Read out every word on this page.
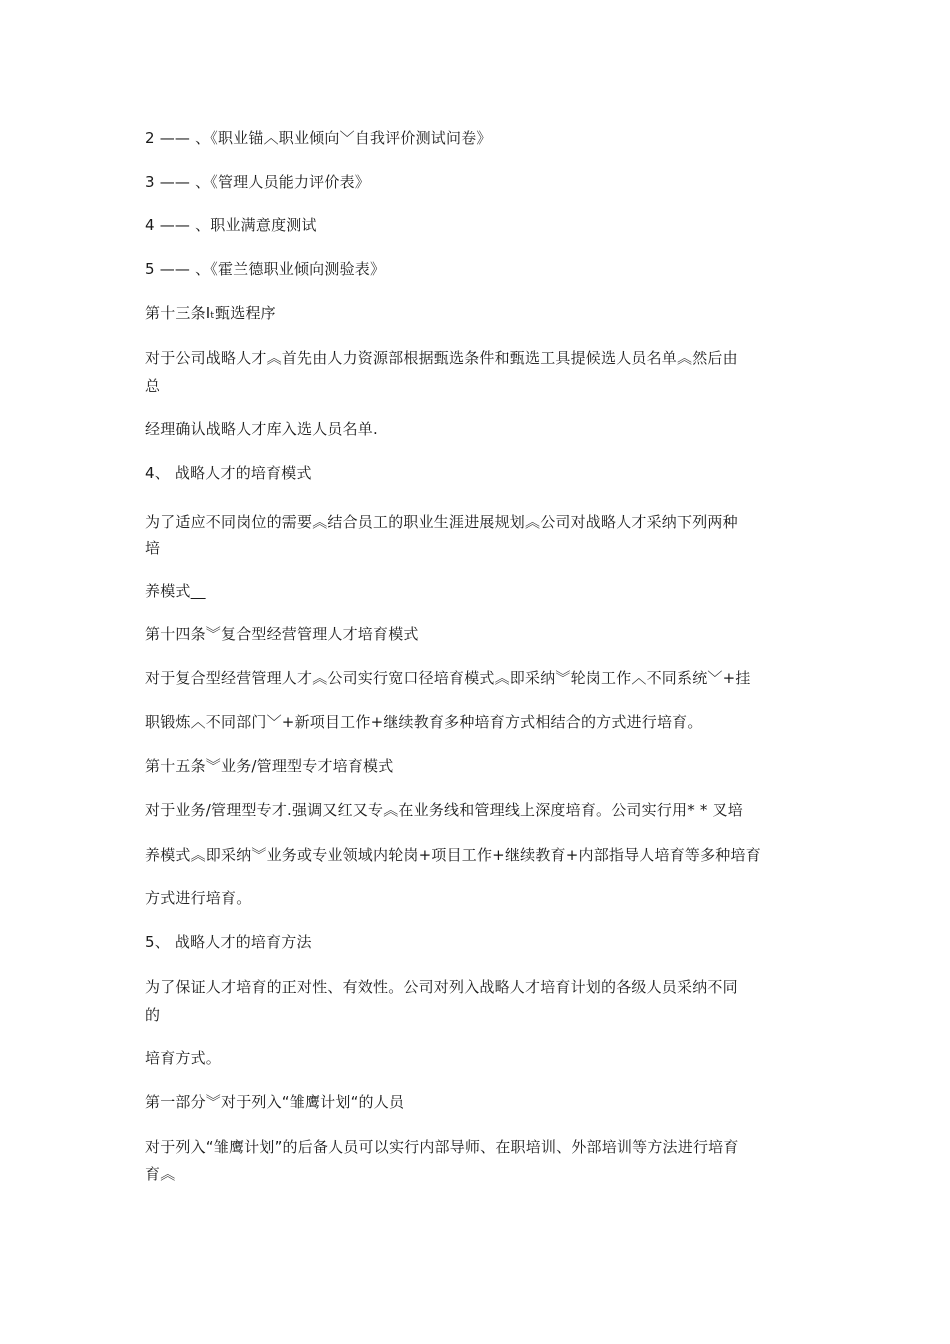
2 —— 、《职业锚︿职业倾向﹀自我评价测试问卷》
3 —— 、《管理人员能力评价表》
4 —— 、职业满意度测试
5 —— 、《霍兰德职业倾向测验表》
第十三条Iₜ甄选程序
对于公司战略人才︽首先由人力资源部根据甄选条件和甄选工具提候选人员名单︽然后由
总
经理确认战略人才库入选人员名单.
4、 战略人才的培育模式
为了适应不同岗位的需要︽结合员工的职业生涯进展规划︽公司对战略人才采纳下列两种
培
养模式⎽
第十四条︾复合型经营管理人才培育模式
对于复合型经营管理人才︽公司实行宽口径培育模式︽即采纳︾轮岗工作︿不同系统﹀+挂
职锻炼︿不同部门﹀+新项目工作+继续教育多种培育方式相结合的方式进行培育。
第十五条︾业务/管理型专才培育模式
对于业务/管理型专才.强调又红又专︽在业务线和管理线上深度培育。公司实行用* * 叉培
养模式︽即采纳︾业务或专业领域内轮岗+项目工作+继续教育+内部指导人培育等多种培育
方式进行培育。
5、 战略人才的培育方法
为了保证人才培育的正对性、有效性。公司对列入战略人才培育计划的各级人员采纳不同
的
培育方式。
第一部分︾对于列入“雏鹰计划“的人员
对于列入“雏鹰计划”的后备人员可以实行内部导师、在职培训、外部培训等方法进行培育
育︽
